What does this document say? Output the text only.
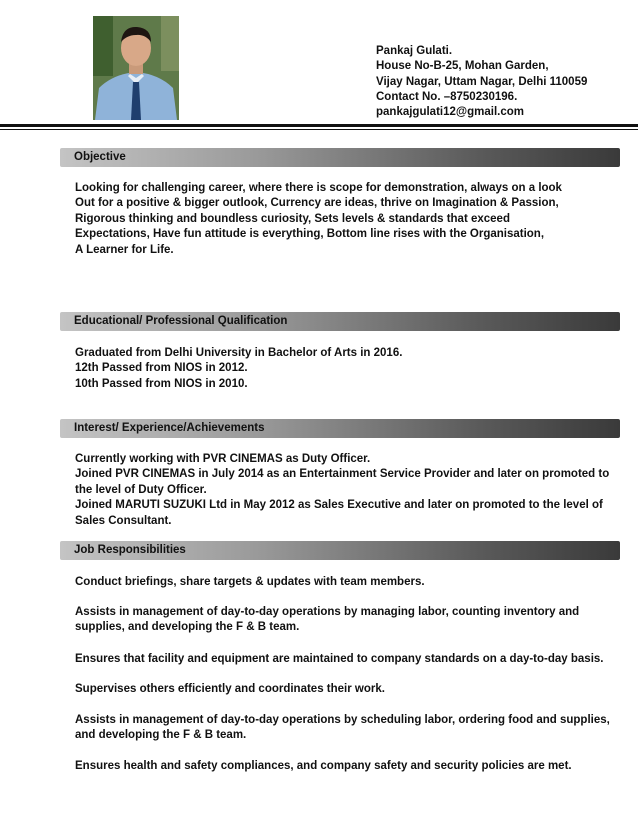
Pankaj Gulati.
House No-B-25, Mohan Garden,
Vijay Nagar, Uttam Nagar, Delhi 110059
Contact No. –8750230196.
pankajgulati12@gmail.com
Objective
Looking for challenging career, where there is scope for demonstration, always on a look
Out for a positive & bigger outlook, Currency are ideas, thrive on Imagination & Passion,
Rigorous thinking and boundless curiosity, Sets levels & standards that exceed
Expectations, Have fun attitude is everything, Bottom line rises with the Organisation,
A Learner for Life.
Educational/ Professional Qualification
Graduated from Delhi University in Bachelor of Arts in 2016.
12th Passed from NIOS in 2012.
10th Passed from NIOS in 2010.
Interest/ Experience/Achievements
Currently working with PVR CINEMAS as Duty Officer.
Joined PVR CINEMAS in July 2014 as an Entertainment Service Provider and later on promoted to
the level of Duty Officer.
Joined MARUTI SUZUKI Ltd in May 2012 as Sales Executive and later on promoted to the level of
Sales Consultant.
Job Responsibilities
Conduct briefings, share targets & updates with team members.
Assists in management of day-to-day operations by managing labor, counting inventory and
supplies, and developing the F & B team.
Ensures that facility and equipment are maintained to company standards on a day-to-day basis.
Supervises others efficiently and coordinates their work.
Assists in management of day-to-day operations by scheduling labor, ordering food and supplies,
and developing the F & B team.
Ensures health and safety compliances, and company safety and security policies are met.
